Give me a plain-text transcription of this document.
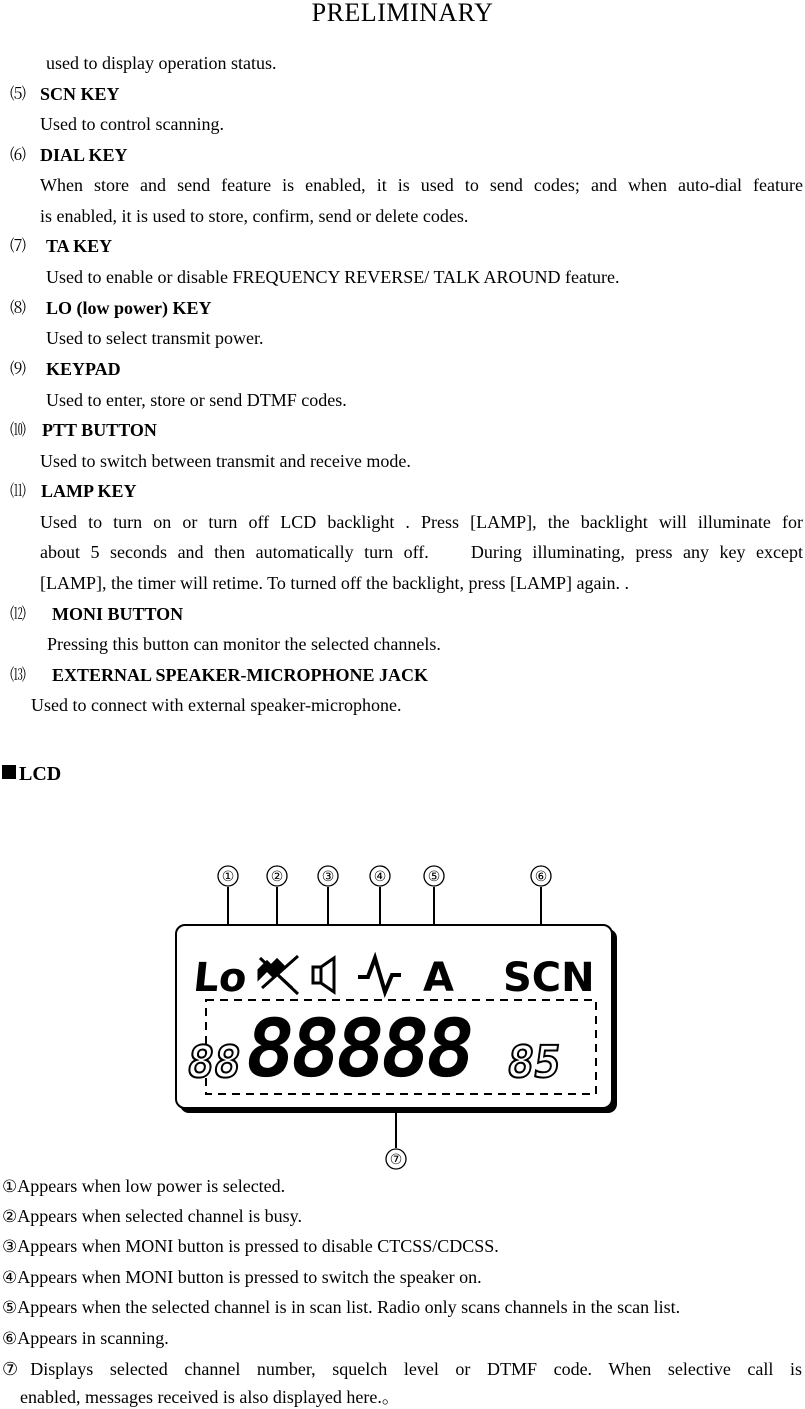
PRELIMINARY
used to display operation status.
⑸ SCN KEY
Used to control scanning.
⑹ DIAL KEY
When store and send feature is enabled, it is used to send codes; and when auto-dial feature
is enabled, it is used to store, confirm, send or delete codes.
⑺ TA KEY
Used to enable or disable FREQUENCY REVERSE/ TALK AROUND feature.
⑻ LO (low power) KEY
Used to select transmit power.
⑼ KEYPAD
Used to enter, store or send DTMF codes.
⑽ PTT BUTTON
Used to switch between transmit and receive mode.
⑾ LAMP KEY
Used to turn on or turn off LCD backlight . Press [LAMP], the backlight will illuminate for
about 5 seconds and then automatically turn off.    During illuminating, press any key except
[LAMP], the timer will retime. To turned off the backlight, press [LAMP] again. .
⑿ MONI BUTTON
Pressing this button can monitor the selected channels.
⒀ EXTERNAL SPEAKER-MICROPHONE JACK
Used to connect with external speaker-microphone.
LCD
①	②	③	④	⑤	⑥
⑦
Lo	A SCN
88
88888 85
①Appears when low power is selected.
②Appears when selected channel is busy.
③Appears when MONI button is pressed to disable CTCSS/CDCSS.
④Appears when MONI button is pressed to switch the speaker on.
⑤Appears when the selected channel is in scan list. Radio only scans channels in the scan list.
⑥Appears in scanning.
⑦Displays selected channel number, squelch level or DTMF code. When selective call is
enabled, messages received is also displayed here.。
